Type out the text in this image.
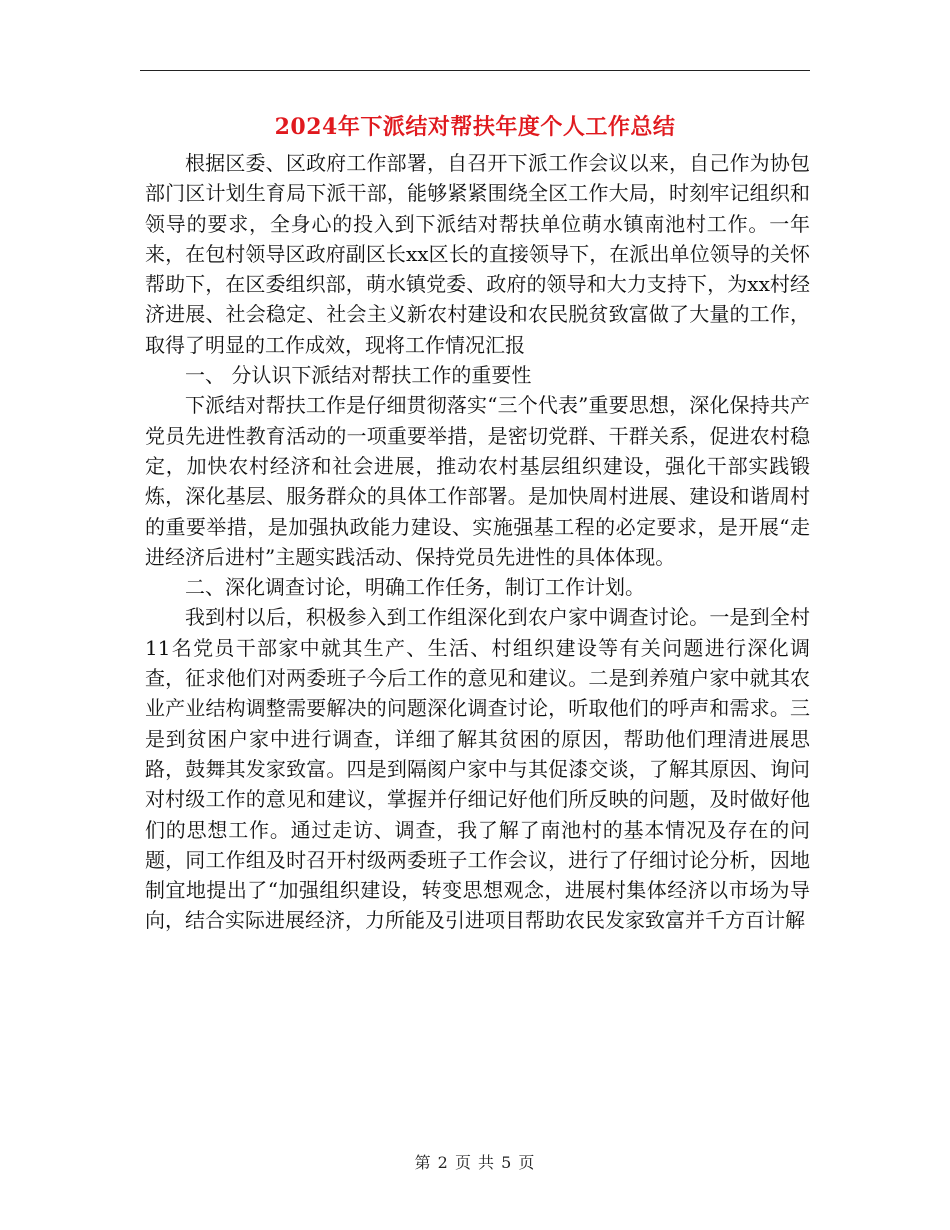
2024年下派结对帮扶年度个人工作总结

根据区委、区政府工作部署，自召开下派工作会议以来，自己作为协包部门区计划生育局下派干部，能够紧紧围绕全区工作大局，时刻牢记组织和领导的要求，全身心的投入到下派结对帮扶单位萌水镇南池村工作。一年来，在包村领导区政府副区长xx区长的直接领导下，在派出单位领导的关怀帮助下，在区委组织部，萌水镇党委、政府的领导和大力支持下，为xx村经济进展、社会稳定、社会主义新农村建设和农民脱贫致富做了大量的工作，取得了明显的工作成效，现将工作情况汇报

一、 分认识下派结对帮扶工作的重要性

下派结对帮扶工作是仔细贯彻落实“三个代表”重要思想，深化保持共产党员先进性教育活动的一项重要举措，是密切党群、干群关系，促进农村稳定，加快农村经济和社会进展，推动农村基层组织建设，强化干部实践锻炼，深化基层、服务群众的具体工作部署。是加快周村进展、建设和谐周村的重要举措，是加强执政能力建设、实施强基工程的必定要求，是开展“走进经济后进村”主题实践活动、保持党员先进性的具体体现。

二、深化调查讨论，明确工作任务，制订工作计划。

我到村以后，积极参入到工作组深化到农户家中调查讨论。一是到全村11名党员干部家中就其生产、生活、村组织建设等有关问题进行深化调查，征求他们对两委班子今后工作的意见和建议。二是到养殖户家中就其农业产业结构调整需要解决的问题深化调查讨论，听取他们的呼声和需求。三是到贫困户家中进行调查，详细了解其贫困的原因，帮助他们理清进展思路，鼓舞其发家致富。四是到隔阂户家中与其促漆交谈，了解其原因、询问对村级工作的意见和建议，掌握并仔细记好他们所反映的问题，及时做好他们的思想工作。通过走访、调查，我了解了南池村的基本情况及存在的问题，同工作组及时召开村级两委班子工作会议，进行了仔细讨论分析，因地制宜地提出了“加强组织建设，转变思想观念，进展村集体经济以市场为导向，结合实际进展经济，力所能及引进项目帮助农民发家致富并千方百计解

第 2 页 共 5 页
